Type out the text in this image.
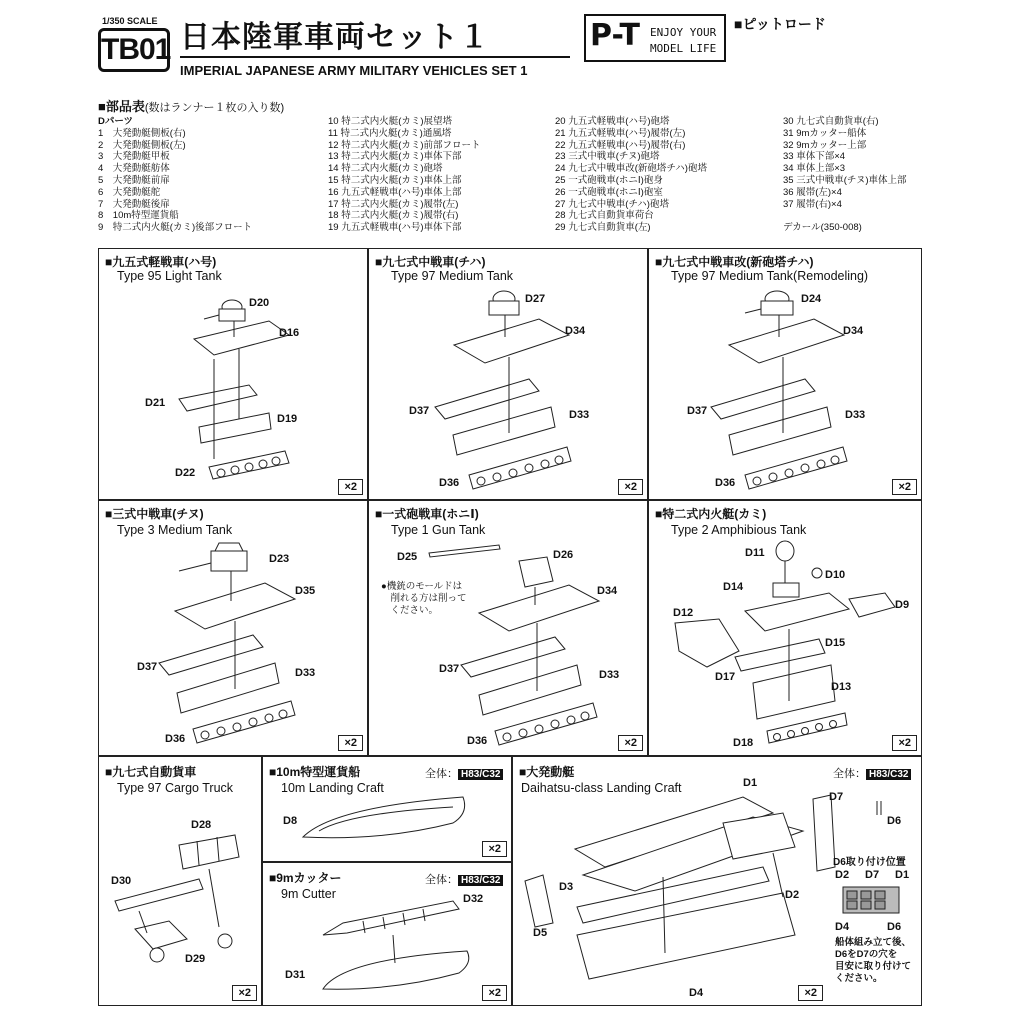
1/350 SCALE
TB01 日本陸軍車両セット１
IMPERIAL JAPANESE ARMY MILITARY VEHICLES SET 1
P-T ENJOY YOUR
MODEL LIFE
■ピットロード
■部品表(数はランナー１枚の入り数)
Dパーツ
1　大発動艇側板(右)
2　大発動艇側板(左)
3　大発動艇甲板
4　大発動艇舫体
5　大発動艇前扉
6　大発動艇舵
7　大発動艇後扉
8　10m特型運貨船
9　特二式内火艇(カミ)後部フロート
10 特二式内火艇(カミ)展望塔
11 特二式内火艇(カミ)通風塔
12 特二式内火艇(カミ)前部フロート
13 特二式内火艇(カミ)車体下部
14 特二式内火艇(カミ)砲塔
15 特二式内火艇(カミ)車体上部
16 九五式軽戦車(ハ号)車体上部
17 特二式内火艇(カミ)履帯(左)
18 特二式内火艇(カミ)履帯(右)
19 九五式軽戦車(ハ号)車体下部
20 九五式軽戦車(ハ号)砲塔
21 九五式軽戦車(ハ号)履帯(左)
22 九五式軽戦車(ハ号)履帯(右)
23 三式中戦車(チヌ)砲塔
24 九七式中戦車改(新砲塔チハ)砲塔
25 一式砲戦車(ホニⅠ)砲身
26 一式砲戦車(ホニⅠ)砲室
27 九七式中戦車(チハ)砲塔
28 九七式自動貨車荷台
29 九七式自動貨車(左)
30 九七式自動貨車(右)
31 9mカッター船体
32 9mカッター上部
33 車体下部×4
34 車体上部×3
35 三式中戦車(チヌ)車体上部
36 履帯(左)×4
37 履帯(右)×4
デカール(350-008)
■九五式軽戦車(ハ号)
Type 95 Light Tank
D20
D16
D21
D19
D22
×2
■九七式中戦車(チハ)
Type 97 Medium Tank
D27
D34
D37	D33
D36	×2
■九七式中戦車改(新砲塔チハ)
Type 97 Medium Tank(Remodeling)
D24
D34
D37	D33
D36	×2
■三式中戦車(チヌ)
Type 3 Medium Tank
D23
D35
D37	D33
D36	×2
■一式砲戦車(ホニⅠ)
Type 1 Gun Tank
D25	D26
D34
D37	D33
D36
●機銃のモールドは
　削れる方は削って
　ください。
×2
■特二式内火艇(カミ)
Type 2 Amphibious Tank
D11
D10
D14
D9
D12
D15
D17
D13
D18	×2
■九七式自動貨車
Type 97 Cargo Truck
D28
D30
D29
×2
■10m特型運貨船
10m Landing Craft
全体： H83/C32
D8
×2
■9mカッター
9m Cutter
全体： H83/C32
D32
D31
×2
■大発動艇
Daihatsu-class Landing Craft
全体： H83/C32
D1
D7
D6
D3
D2
D5
D4
D6取り付け位置
D2 D7 D1
D4	D6
船体組み立て後、
D6をD7の穴を
目安に取り付けて
ください。
×2
